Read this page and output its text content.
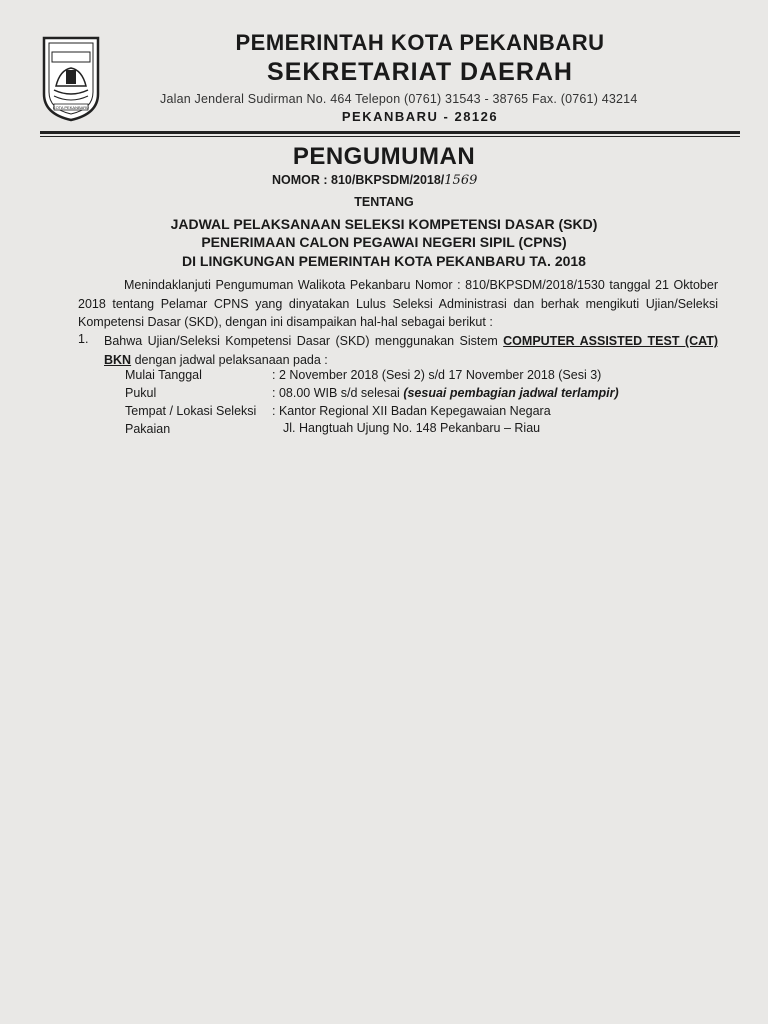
KOTA PEKANBARU
PEMERINTAH KOTA PEKANBARU
SEKRETARIAT DAERAH
Jalan Jenderal Sudirman No. 464 Telepon (0761) 31543 - 38765 Fax. (0761) 43214
PEKANBARU - 28126
PENGUMUMAN
NOMOR : 810/BKPSDM/2018/1569
TENTANG
JADWAL PELAKSANAAN SELEKSI KOMPETENSI DASAR (SKD)
PENERIMAAN CALON PEGAWAI NEGERI SIPIL (CPNS)
DI LINGKUNGAN PEMERINTAH KOTA PEKANBARU TA. 2018
Menindaklanjuti Pengumuman Walikota Pekanbaru Nomor : 810/BKPSDM/2018/1530 tanggal 21 Oktober 2018 tentang Pelamar CPNS yang dinyatakan Lulus Seleksi Administrasi dan berhak mengikuti Ujian/Seleksi Kompetensi Dasar (SKD), dengan ini disampaikan hal-hal sebagai berikut :
1. Bahwa Ujian/Seleksi Kompetensi Dasar (SKD) menggunakan Sistem COMPUTER ASSISTED TEST (CAT) BKN dengan jadwal pelaksanaan pada :
Mulai Tanggal	: 2 November 2018 (Sesi 2) s/d 17 November 2018 (Sesi 3)
Pukul	: 08.00 WIB s/d selesai (sesuai pembagian jadwal terlampir)
Tempat / Lokasi Seleksi : Kantor Regional XII Badan Kepegawaian Negara
Jl. Hangtuah Ujung No. 148 Pekanbaru – Riau
Pakaian
